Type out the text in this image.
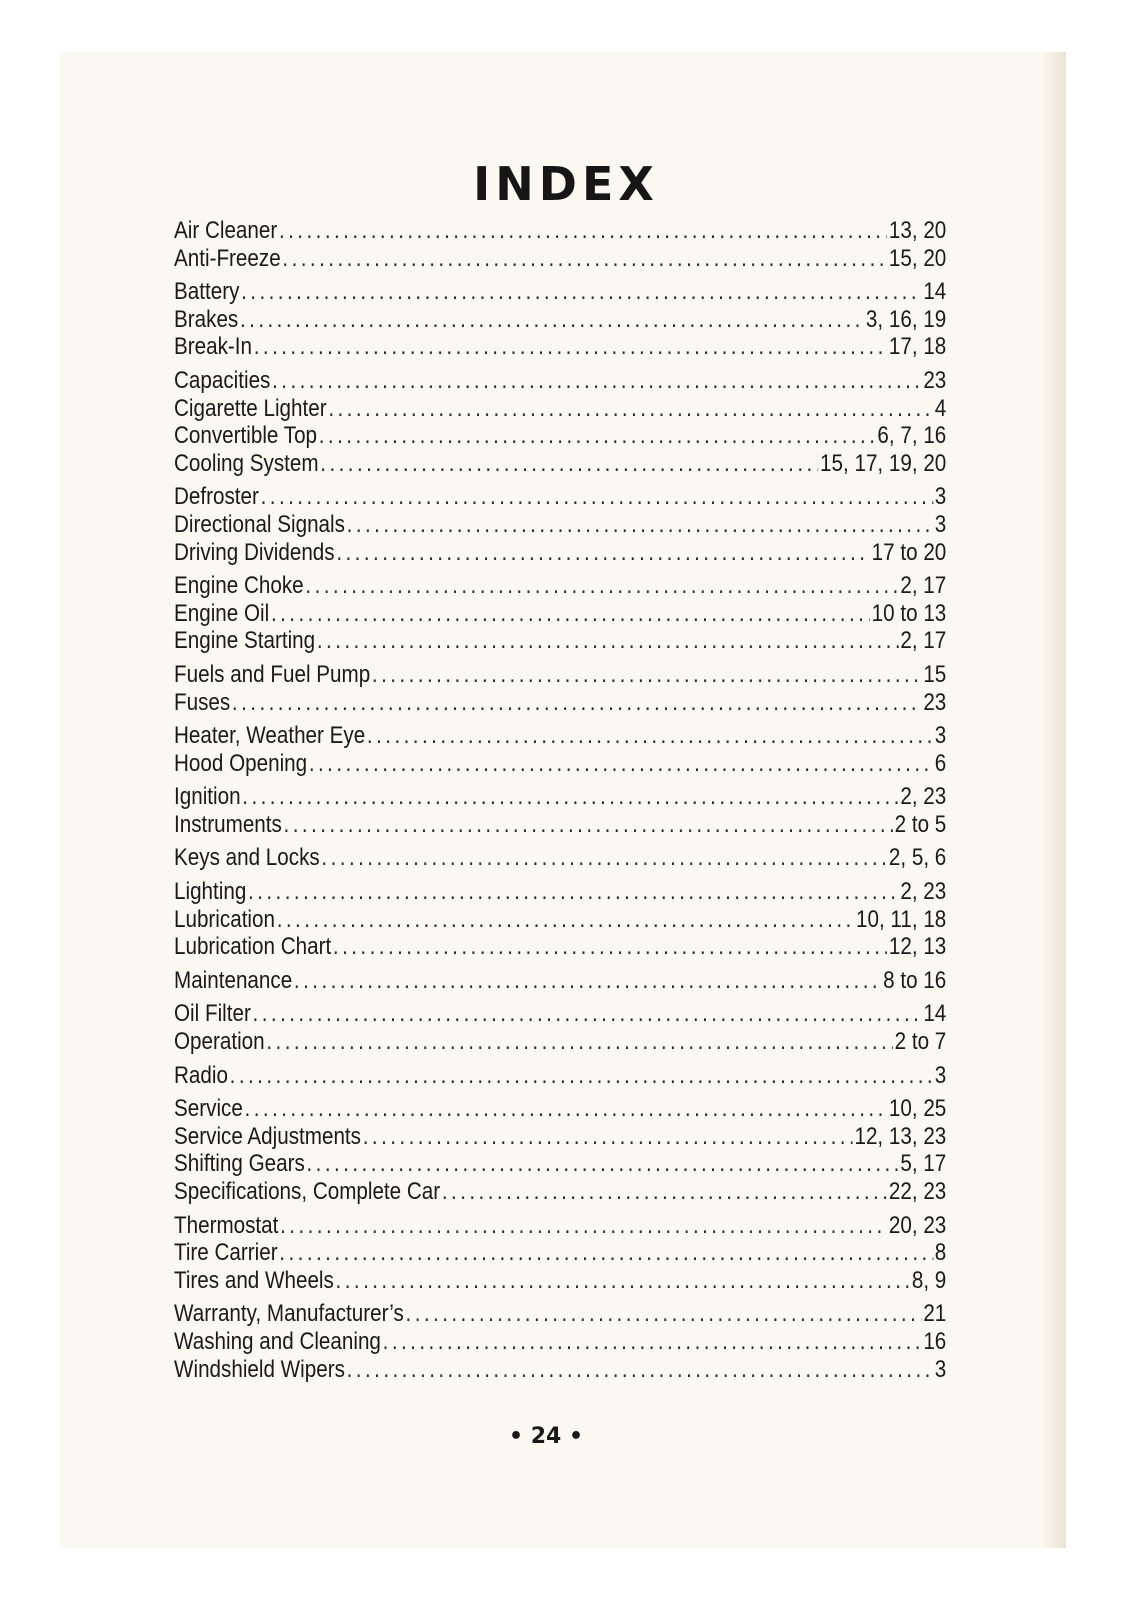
INDEX
Air Cleaner .....	13, 20
Anti-Freeze .....	15, 20
Battery .....	14
Brakes .....	3, 16, 19
Break-In .....	17, 18
Capacities .....	23
Cigarette Lighter .....	4
Convertible Top .....	6, 7, 16
Cooling System .....	15, 17, 19, 20
Defroster .....	3
Directional Signals .....	3
Driving Dividends .....	17 to 20
Engine Choke .....	2, 17
Engine Oil .....	10 to 13
Engine Starting .....	2, 17
Fuels and Fuel Pump .....	15
Fuses .....	23
Heater, Weather Eye .....	3
Hood Opening .....	6
Ignition .....	2, 23
Instruments .....	2 to 5
Keys and Locks .....	2, 5, 6
Lighting .....	2, 23
Lubrication .....	10, 11, 18
Lubrication Chart .....	12, 13
Maintenance .....	8 to 16
Oil Filter .....	14
Operation .....	2 to 7
Radio .....	3
Service .....	10, 25
Service Adjustments .....	12, 13, 23
Shifting Gears .....	5, 17
Specifications, Complete Car .....	22, 23
Thermostat .....	20, 23
Tire Carrier .....	8
Tires and Wheels .....	8, 9
Warranty, Manufacturer’s .....	21
Washing and Cleaning .....	16
Windshield Wipers .....	3
• 24 •
